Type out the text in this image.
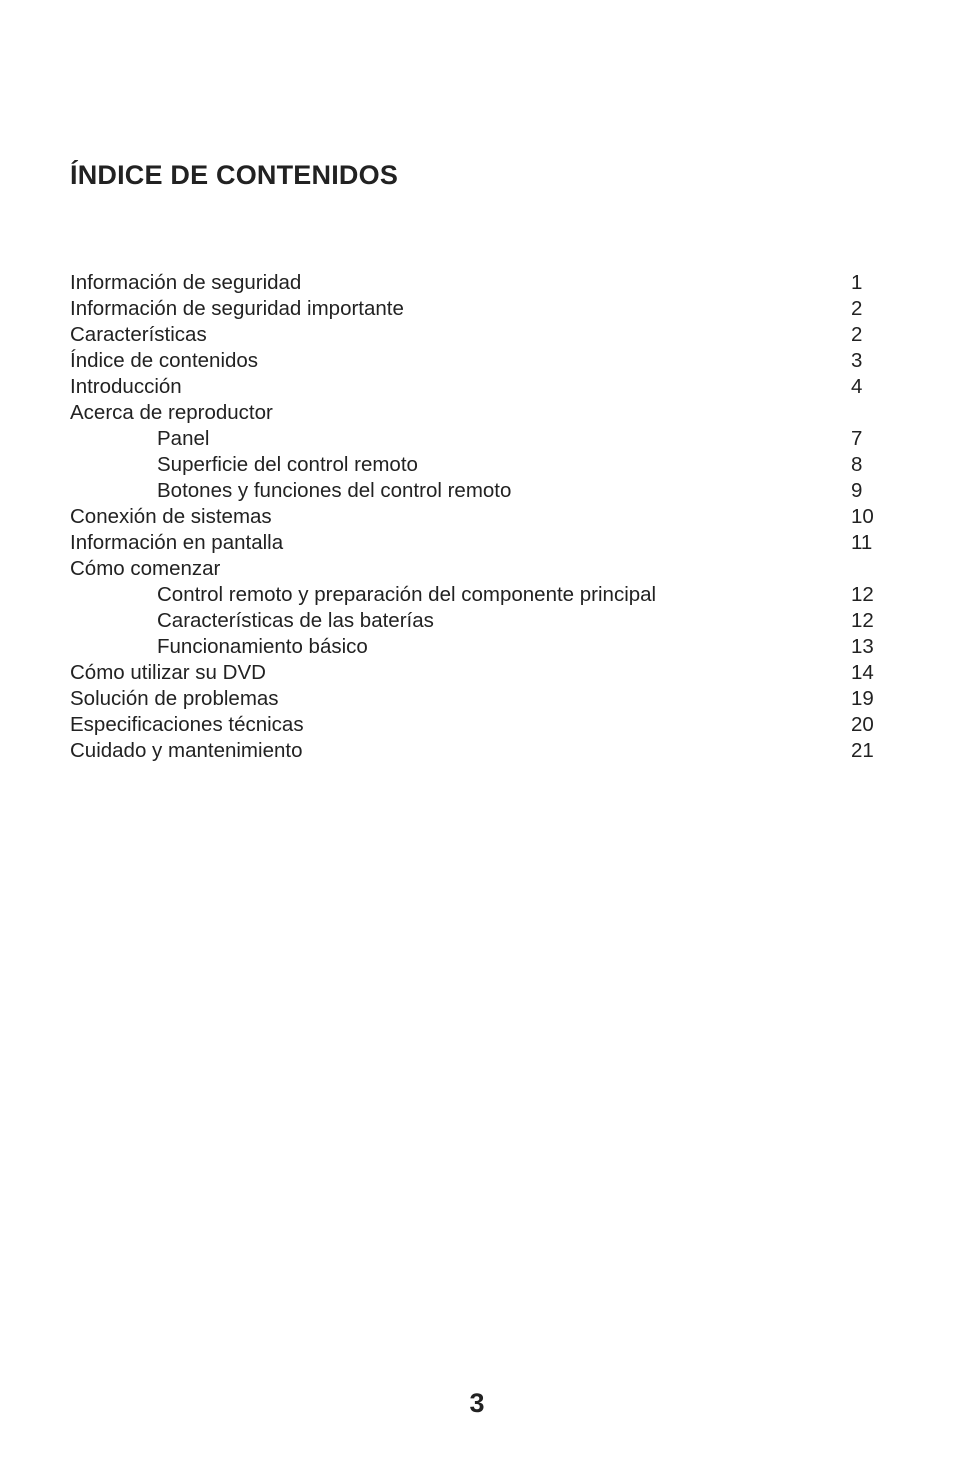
ÍNDICE DE CONTENIDOS
Información de seguridad	1
Información de seguridad importante	2
Características	2
Índice de contenidos	3
Introducción	4
Acerca de reproductor
Panel	7
Superficie del control remoto	8
Botones y funciones del control remoto	9
Conexión de sistemas	10
Información en pantalla	11
Cómo comenzar
Control remoto y preparación del componente principal	12
Características de las baterías	12
Funcionamiento básico	13
Cómo utilizar su DVD	14
Solución de problemas	19
Especificaciones técnicas	20
Cuidado y mantenimiento	21
3
